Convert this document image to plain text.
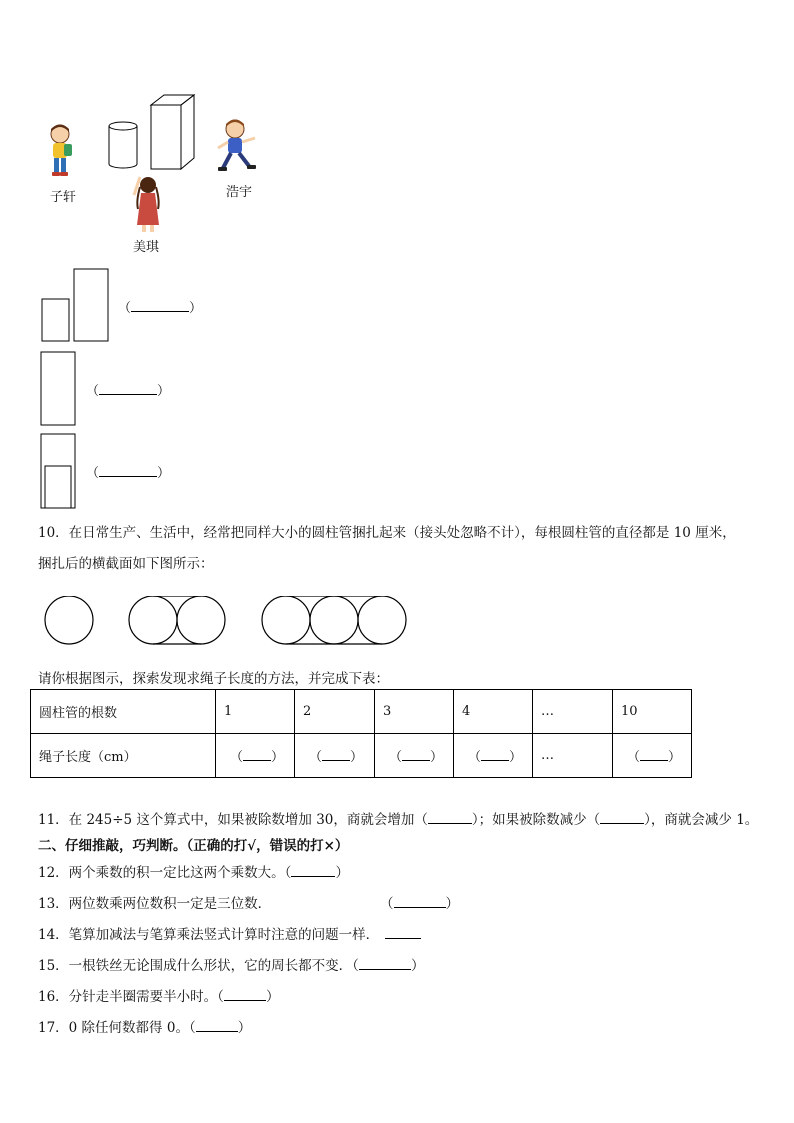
子轩
美琪
浩宇
（	）
（	）
（	）
10．在日常生产、生活中，经常把同样大小的圆柱管捆扎起来（接头处忽略不计），每根圆柱管的直径都是 10 厘米，
捆扎后的横截面如下图所示：
请你根据图示，探索发现求绳子长度的方法，并完成下表：
圆柱管的根数	1	2	3	4	…	10
绳子长度（cm）	（ ）	（ ）	（ ）	（ ）	…	（ ）
11．在 245÷5 这个算式中，如果被除数增加 30，商就会增加（	）；如果被除数减少（	），商就会减少 1。
二、仔细推敲，巧判断。（正确的打√，错误的打×）
12．两个乘数的积一定比这两个乘数大。（	）
13．两位数乘两位数积一定是三位数．	（	）
14．笔算加减法与笔算乘法竖式计算时注意的问题一样．
15．一根铁丝无论围成什么形状，它的周长都不变．（	）
16．分针走半圈需要半小时。（	）
17．0 除任何数都得 0。（	）
